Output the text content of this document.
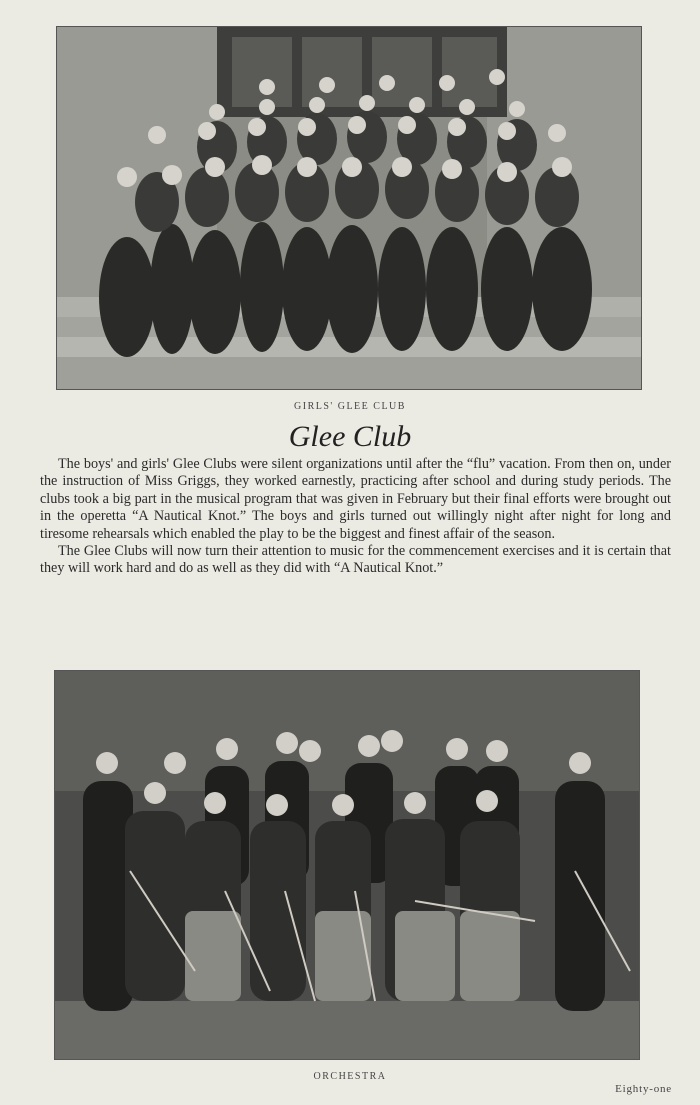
GIRLS' GLEE CLUB
Glee Club

The boys' and girls' Glee Clubs were silent organizations until after the “flu” vacation. From then on, under the instruction of Miss Griggs, they worked earnestly, practicing after school and during study periods. The clubs took a big part in the musical program that was given in February but their final efforts were brought out in the operetta “A Nautical Knot.” The boys and girls turned out willingly night after night for long and tiresome rehearsals which enabled the play to be the biggest and finest affair of the season.

The Glee Clubs will now turn their attention to music for the commencement exercises and it is certain that they will work hard and do as well as they did with “A Nautical Knot.”

ORCHESTRA
Eighty-one
